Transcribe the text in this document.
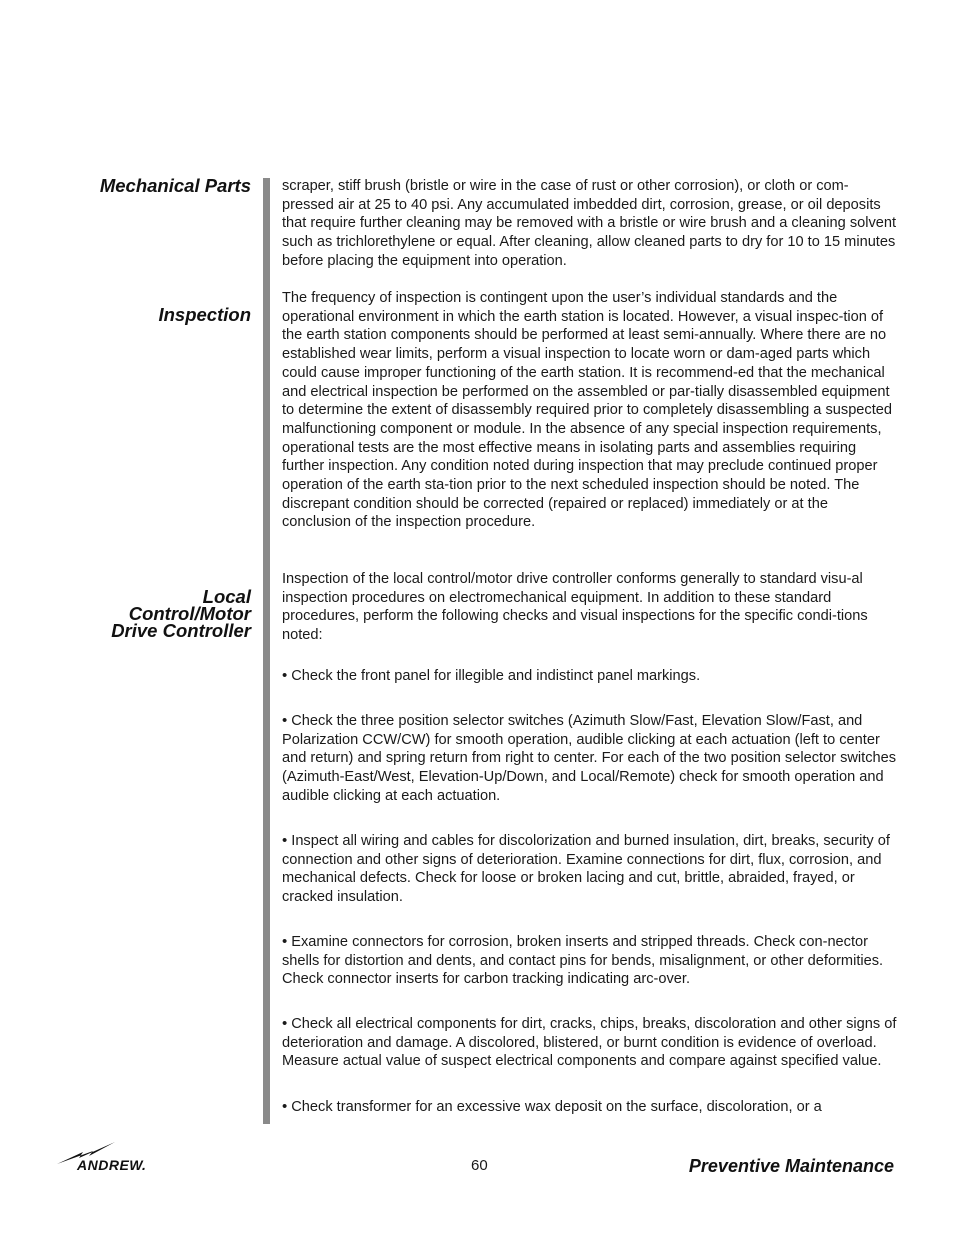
Mechanical Parts
Inspection
Local
Control/Motor
Drive Controller

scraper, stiff brush (bristle or wire in the case of rust or other corrosion), or cloth or com-pressed air at 25 to 40 psi. Any accumulated imbedded dirt, corrosion, grease, or oil deposits that require further cleaning may be removed with a bristle or wire brush and a cleaning solvent such as trichlorethylene or equal. After cleaning, allow cleaned parts to dry for 10 to 15 minutes before placing the equipment into operation.

The frequency of inspection is contingent upon the user’s individual standards and the operational environment in which the earth station is located. However, a visual inspec-tion of the earth station components should be performed at least semi-annually. Where there are no established wear limits, perform a visual inspection to locate worn or dam-aged parts which could cause improper functioning of the earth station. It is recommend-ed that the mechanical and electrical inspection be performed on the assembled or par-tially disassembled equipment to determine the extent of disassembly required prior to completely disassembling a suspected malfunctioning component or module. In the absence of any special inspection requirements, operational tests are the most effective means in isolating parts and assemblies requiring further inspection. Any condition noted during inspection that may preclude continued proper operation of the earth sta-tion prior to the next scheduled inspection should be noted. The discrepant condition should be corrected (repaired or replaced) immediately or at the conclusion of the inspection procedure.

Inspection of the local control/motor drive controller conforms generally to standard visu-al inspection procedures on electromechanical equipment. In addition to these standard procedures, perform the following checks and visual inspections for the specific condi-tions noted:

• Check the front panel for illegible and indistinct panel markings.

• Check the three position selector switches (Azimuth Slow/Fast, Elevation Slow/Fast, and Polarization CCW/CW) for smooth operation, audible clicking at each actuation (left to center and return) and spring return from right to center. For each of the two position selector switches (Azimuth-East/West, Elevation-Up/Down, and Local/Remote) check for smooth operation and audible clicking at each actuation.

• Inspect all wiring and cables for discolorization and burned insulation, dirt, breaks, security of connection and other signs of deterioration. Examine connections for dirt, flux, corrosion, and mechanical defects. Check for loose or broken lacing and cut, brittle, abraided, frayed, or cracked insulation.

• Examine connectors for corrosion, broken inserts and stripped threads. Check con-nector shells for distortion and dents, and contact pins for bends, misalignment, or other deformities. Check connector inserts for carbon tracking indicating arc-over.

• Check all electrical components for dirt, cracks, chips, breaks, discoloration and other signs of deterioration and damage. A discolored, blistered, or burnt condition is evidence of overload. Measure actual value of suspect electrical components and compare against specified value.

• Check transformer for an excessive wax deposit on the surface, discoloration, or a

ANDREW.	60	Preventive Maintenance
